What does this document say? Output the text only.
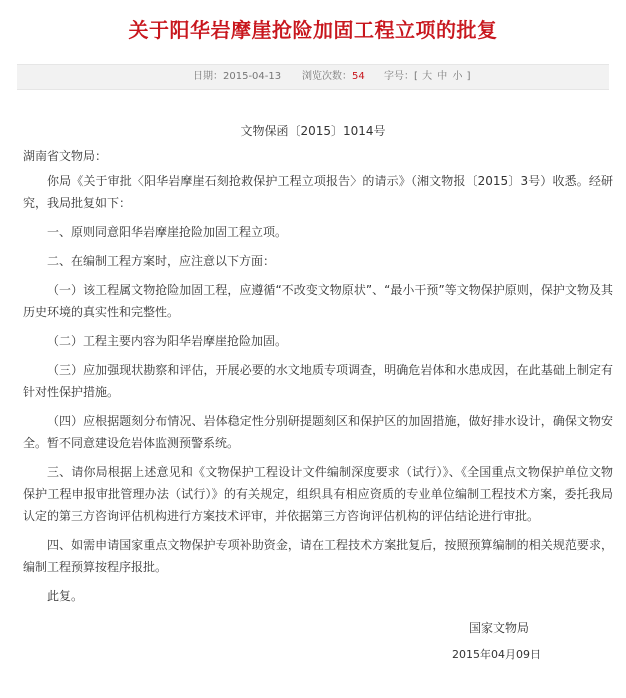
关于阳华岩摩崖抢险加固工程立项的批复
日期：2015-04-13 浏览次数：54 字号：[ 大 中 小 ]
文物保函〔2015〕1014号

湖南省文物局：

你局《关于审批〈阳华岩摩崖石刻抢救保护工程立项报告〉的请示》（湘文物报〔2015〕3号）收悉。经研究，我局批复如下：

一、原则同意阳华岩摩崖抢险加固工程立项。

二、在编制工程方案时，应注意以下方面：

（一）该工程属文物抢险加固工程，应遵循“不改变文物原状”、“最小干预”等文物保护原则，保护文物及其历史环境的真实性和完整性。

（二）工程主要内容为阳华岩摩崖抢险加固。

（三）应加强现状勘察和评估，开展必要的水文地质专项调查，明确危岩体和水患成因，在此基础上制定有针对性保护措施。

（四）应根据题刻分布情况、岩体稳定性分别研提题刻区和保护区的加固措施，做好排水设计，确保文物安全。暂不同意建设危岩体监测预警系统。

三、请你局根据上述意见和《文物保护工程设计文件编制深度要求（试行）》、《全国重点文物保护单位文物保护工程申报审批管理办法（试行）》的有关规定，组织具有相应资质的专业单位编制工程技术方案，委托我局认定的第三方咨询评估机构进行方案技术评审，并依据第三方咨询评估机构的评估结论进行审批。

四、如需申请国家重点文物保护专项补助资金，请在工程技术方案批复后，按照预算编制的相关规范要求，编制工程预算按程序报批。

此复。

国家文物局
2015年04月09日
